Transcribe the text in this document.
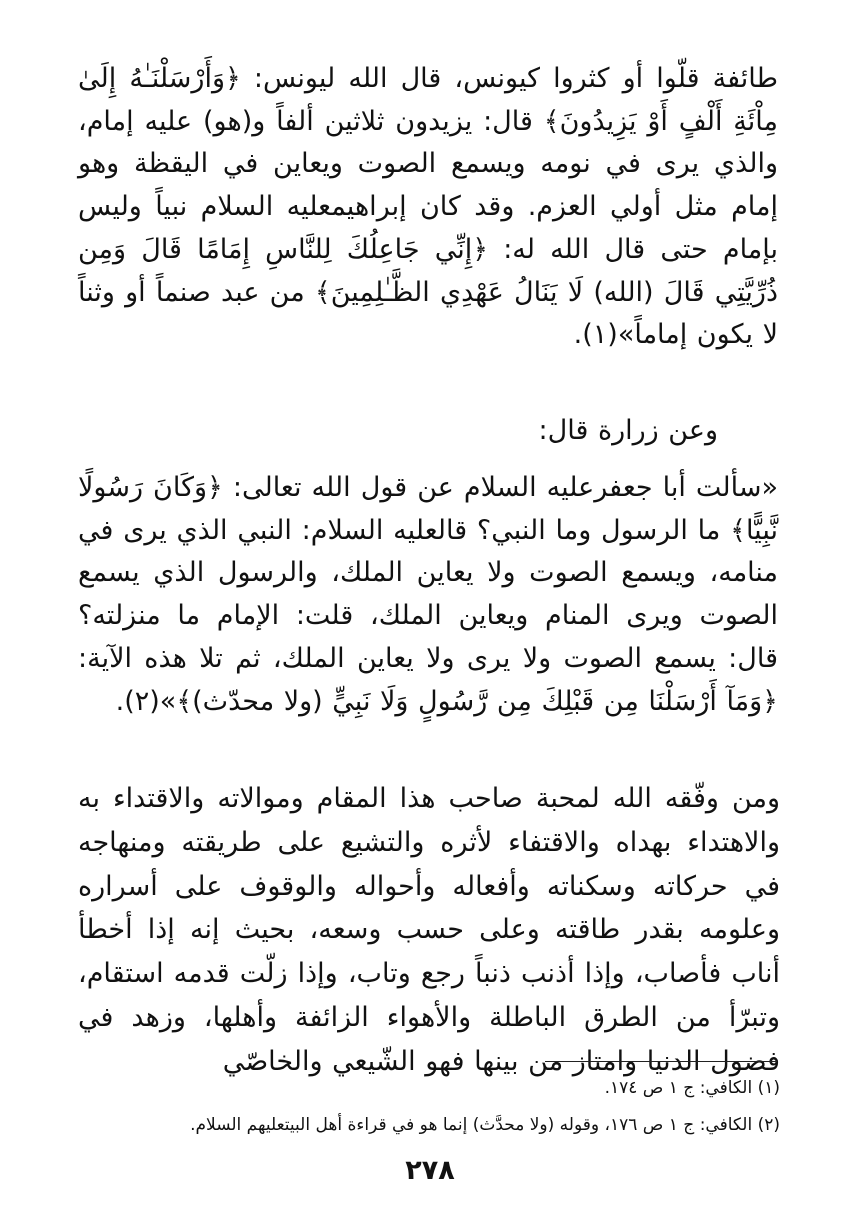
طائفة قلّوا أو كثروا كيونس، قال الله ليونس: ﴿وَأَرْسَلْنَـٰهُ إِلَىٰ مِاْئَةِ أَلْفٍ أَوْ يَزِيدُونَ﴾ قال: يزيدون ثلاثين ألفاً و(هو) عليه إمام، والذي يرى في نومه ويسمع الصوت ويعاين في اليقظة وهو إمام مثل أولي العزم. وقد كان إبراهيمعليه السلام نبياً وليس بإمام حتى قال الله له: ﴿إِنِّي جَاعِلُكَ لِلنَّاسِ إِمَامًا قَالَ وَمِن ذُرِّيَّتِي قَالَ (الله) لَا يَنَالُ عَهْدِي الظَّـٰلِمِينَ﴾ من عبد صنماً أو وثناً لا يكون إماماً»(١).
وعن زرارة قال:
«سألت أبا جعفرعليه السلام عن قول الله تعالى: ﴿وَكَانَ رَسُولًا نَّبِيًّا﴾ ما الرسول وما النبي؟ قالعليه السلام: النبي الذي يرى في منامه، ويسمع الصوت ولا يعاين الملك، والرسول الذي يسمع الصوت ويرى المنام ويعاين الملك، قلت: الإمام ما منزلته؟ قال: يسمع الصوت ولا يرى ولا يعاين الملك، ثم تلا هذه الآية: ﴿وَمَآ أَرْسَلْنَا مِن قَبْلِكَ مِن رَّسُولٍ وَلَا نَبِيٍّ (ولا محدّث)﴾»(٢).
ومن وفّقه الله لمحبة صاحب هذا المقام وموالاته والاقتداء به والاهتداء بهداه والاقتفاء لأثره والتشيع على طريقته ومنهاجه في حركاته وسكناته وأفعاله وأحواله والوقوف على أسراره وعلومه بقدر طاقته وعلى حسب وسعه، بحيث إنه إذا أخطأ أناب فأصاب، وإذا أذنب ذنباً رجع وتاب، وإذا زلّت قدمه استقام، وتبرّأ من الطرق الباطلة والأهواء الزائفة وأهلها، وزهد في فضول الدنيا وامتاز من بينها فهو الشّيعي والخاصّي
(١) الكافي: ج ١ ص ١٧٤.
(٢) الكافي: ج ١ ص ١٧٦، وقوله (ولا محدَّث) إنما هو في قراءة أهل البيتعليهم السلام.
٢٧٨
